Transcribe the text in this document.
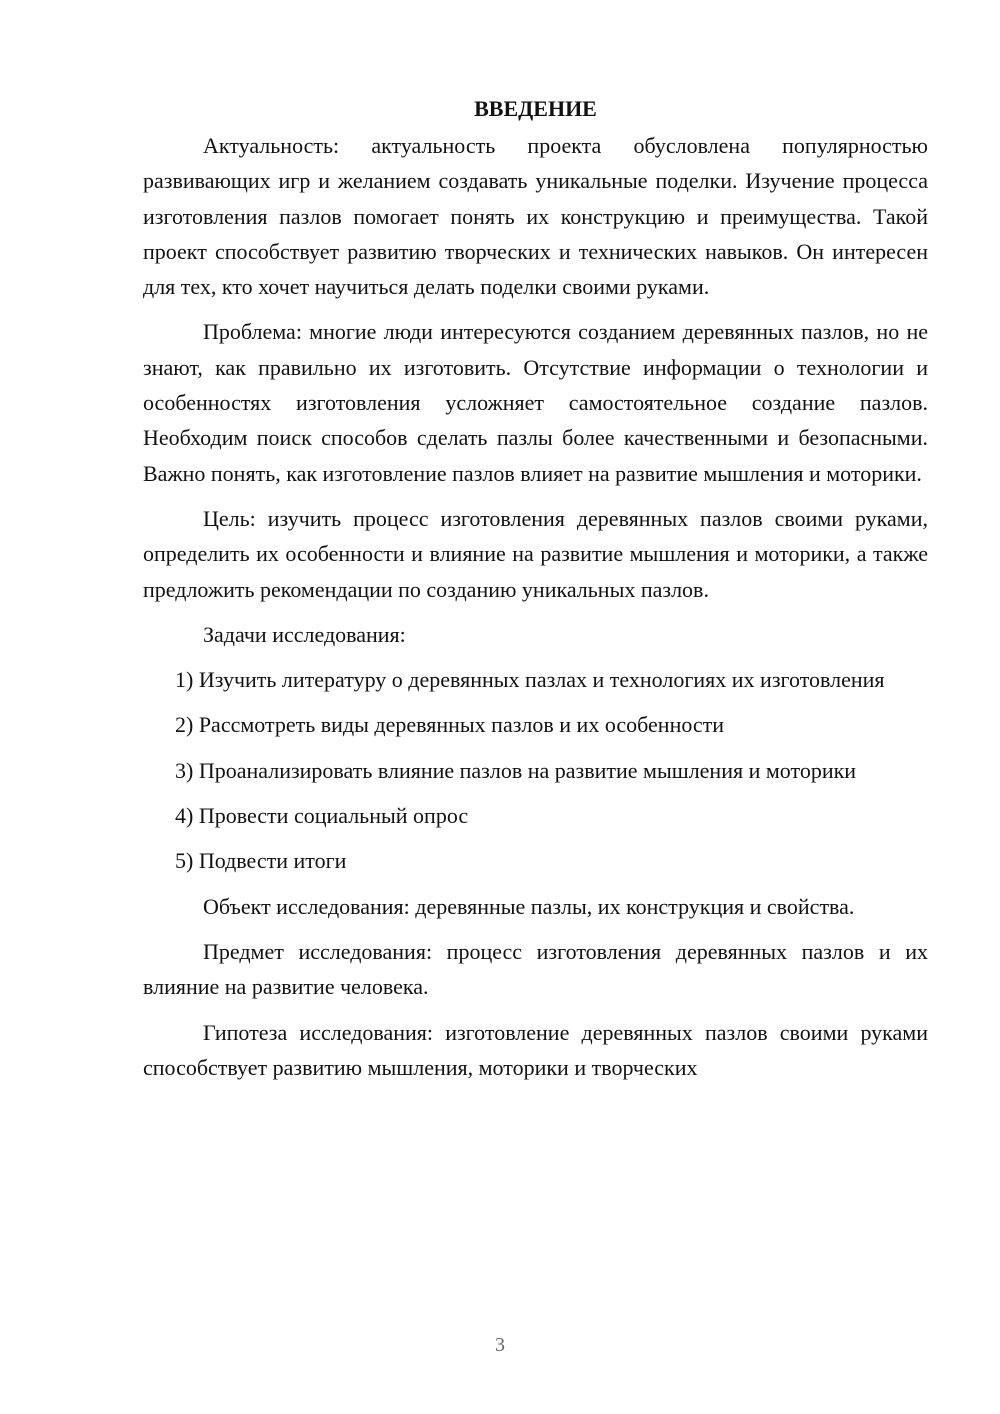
ВВЕДЕНИЕ

Актуальность: актуальность проекта обусловлена популярностью развивающих игр и желанием создавать уникальные поделки. Изучение процесса изготовления пазлов помогает понять их конструкцию и преимущества. Такой проект способствует развитию творческих и технических навыков. Он интересен для тех, кто хочет научиться делать поделки своими руками.

Проблема: многие люди интересуются созданием деревянных пазлов, но не знают, как правильно их изготовить. Отсутствие информации о технологии и особенностях изготовления усложняет самостоятельное создание пазлов. Необходим поиск способов сделать пазлы более качественными и безопасными. Важно понять, как изготовление пазлов влияет на развитие мышления и моторики.

Цель: изучить процесс изготовления деревянных пазлов своими руками, определить их особенности и влияние на развитие мышления и моторики, а также предложить рекомендации по созданию уникальных пазлов.

Задачи исследования:

1) Изучить литературу о деревянных пазлах и технологиях их изготовления

2) Рассмотреть виды деревянных пазлов и их особенности

3) Проанализировать влияние пазлов на развитие мышления и моторики

4) Провести социальный опрос

5) Подвести итоги

Объект исследования: деревянные пазлы, их конструкция и свойства.

Предмет исследования: процесс изготовления деревянных пазлов и их влияние на развитие человека.

Гипотеза исследования: изготовление деревянных пазлов своими руками способствует развитию мышления, моторики и творческих

3
